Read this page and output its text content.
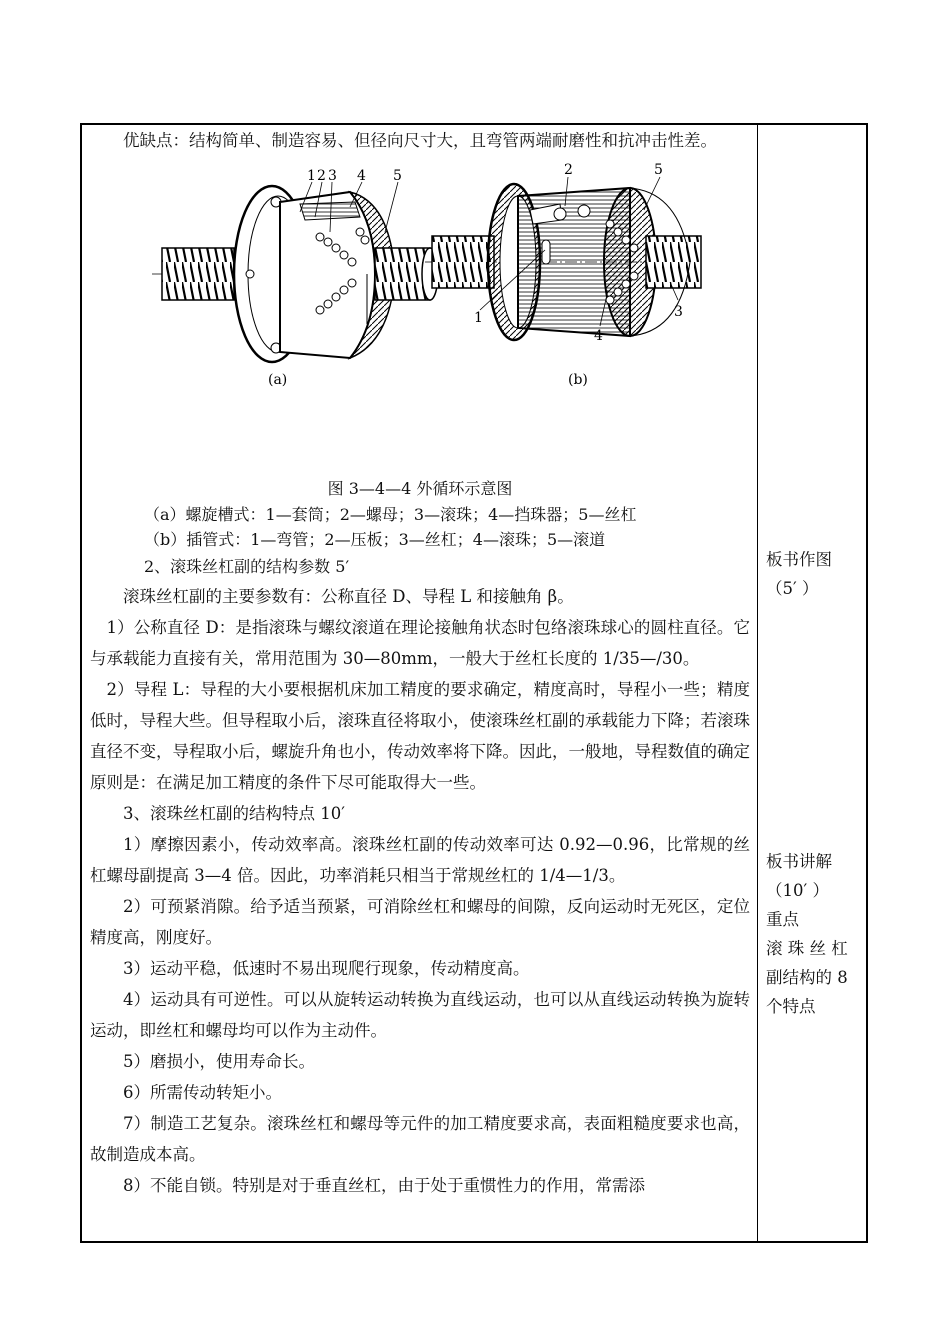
优缺点：结构简单、制造容易、但径向尺寸大，且弯管两端耐磨性和抗冲击性差。

1 2 3 4 5
(a)
2	5
1
4
3
(b)

图 3—4—4 外循环示意图

（a）螺旋槽式：1—套筒；2—螺母；3—滚珠；4—挡珠器；5—丝杠

（b）插管式：1—弯管；2—压板；3—丝杠；4—滚珠；5—滚道

2、滚珠丝杠副的结构参数 5′

滚珠丝杠副的主要参数有：公称直径 D、导程 L 和接触角 β。

1）公称直径 D：是指滚珠与螺纹滚道在理论接触角状态时包络滚珠球心的圆柱直径。它与承载能力直接有关，常用范围为 30—80mm，一般大于丝杠长度的 1/35—/30。

2）导程 L：导程的大小要根据机床加工精度的要求确定，精度高时，导程小一些；精度低时，导程大些。但导程取小后，滚珠直径将取小，使滚珠丝杠副的承载能力下降；若滚珠直径不变，导程取小后，螺旋升角也小，传动效率将下降。因此，一般地，导程数值的确定原则是：在满足加工精度的条件下尽可能取得大一些。

3、滚珠丝杠副的结构特点 10′

1）摩擦因素小，传动效率高。滚珠丝杠副的传动效率可达 0.92—0.96，比常规的丝杠螺母副提高 3—4 倍。因此，功率消耗只相当于常规丝杠的 1/4—1/3。

2）可预紧消隙。给予适当预紧，可消除丝杠和螺母的间隙，反向运动时无死区，定位精度高，刚度好。

3）运动平稳，低速时不易出现爬行现象，传动精度高。

4）运动具有可逆性。可以从旋转运动转换为直线运动，也可以从直线运动转换为旋转运动，即丝杠和螺母均可以作为主动件。

5）磨损小，使用寿命长。

6）所需传动转矩小。

7）制造工艺复杂。滚珠丝杠和螺母等元件的加工精度要求高，表面粗糙度要求也高，故制造成本高。

8）不能自锁。特别是对于垂直丝杠，由于处于重惯性力的作用，常需添

板书作图

（5′ ）

板书讲解

（10′ ）

重点

滚 珠 丝 杠

副结构的 8

个特点
